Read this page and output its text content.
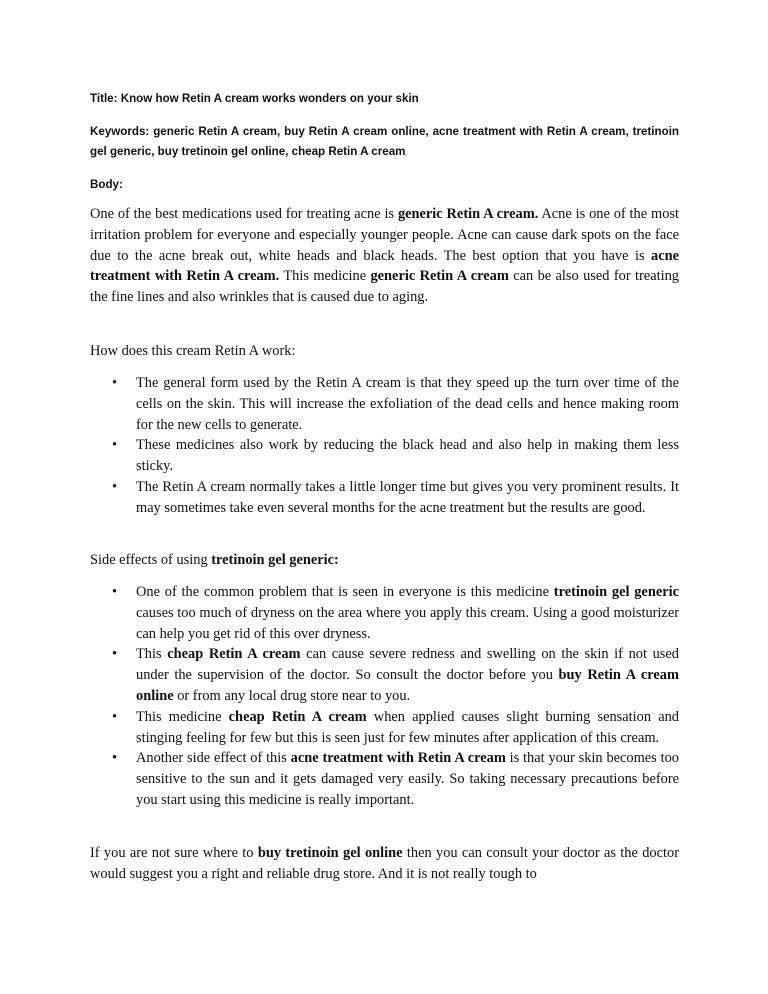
Title: Know how Retin A cream works wonders on your skin
Keywords: generic Retin A cream, buy Retin A cream online, acne treatment with Retin A cream, tretinoin gel generic, buy tretinoin gel online, cheap Retin A cream
Body:

One of the best medications used for treating acne is generic Retin A cream. Acne is one of the most irritation problem for everyone and especially younger people. Acne can cause dark spots on the face due to the acne break out, white heads and black heads. The best option that you have is acne treatment with Retin A cream. This medicine generic Retin A cream can be also used for treating the fine lines and also wrinkles that is caused due to aging.

How does this cream Retin A work:

• The general form used by the Retin A cream is that they speed up the turn over time of the cells on the skin. This will increase the exfoliation of the dead cells and hence making room for the new cells to generate.
• These medicines also work by reducing the black head and also help in making them less sticky.
• The Retin A cream normally takes a little longer time but gives you very prominent results. It may sometimes take even several months for the acne treatment but the results are good.

Side effects of using tretinoin gel generic:

• One of the common problem that is seen in everyone is this medicine tretinoin gel generic causes too much of dryness on the area where you apply this cream. Using a good moisturizer can help you get rid of this over dryness.
• This cheap Retin A cream can cause severe redness and swelling on the skin if not used under the supervision of the doctor. So consult the doctor before you buy Retin A cream online or from any local drug store near to you.
• This medicine cheap Retin A cream when applied causes slight burning sensation and stinging feeling for few but this is seen just for few minutes after application of this cream.
• Another side effect of this acne treatment with Retin A cream is that your skin becomes too sensitive to the sun and it gets damaged very easily. So taking necessary precautions before you start using this medicine is really important.

If you are not sure where to buy tretinoin gel online then you can consult your doctor as the doctor would suggest you a right and reliable drug store. And it is not really tough to
